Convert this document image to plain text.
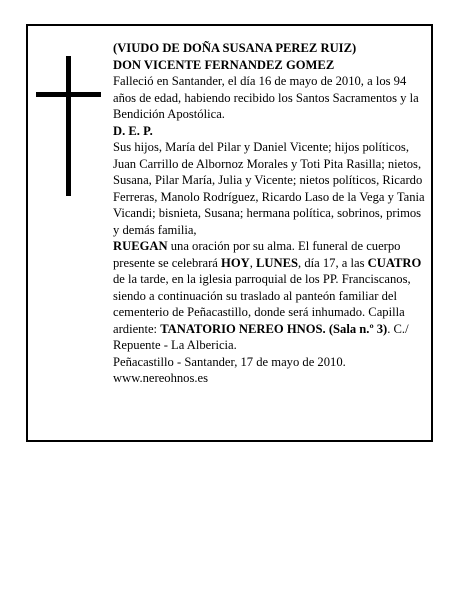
(VIUDO DE DOÑA SUSANA PEREZ RUIZ)

DON VICENTE FERNANDEZ GOMEZ

Falleció en Santander, el día 16 de mayo de 2010, a los 94 años de edad, habiendo recibido los Santos Sacramentos y la Bendición Apostólica.

D. E. P.

Sus hijos, María del Pilar y Daniel Vicente; hijos políticos, Juan Carrillo de Albornoz Morales y Toti Pita Rasilla; nietos, Susana, Pilar María, Julia y Vicente; nietos políticos, Ricardo Ferreras, Manolo Rodríguez, Ricardo Laso de la Vega y Tania Vicandi; bisnieta, Susana; hermana política, sobrinos, primos y demás familia,

RUEGAN una oración por su alma. El funeral de cuerpo presente se celebrará HOY, LUNES, día 17, a las CUATRO de la tarde, en la iglesia parroquial de los PP. Franciscanos, siendo a continuación su traslado al panteón familiar del cementerio de Peñacastillo, donde será inhumado. Capilla ardiente: TANATORIO NEREO HNOS. (Sala n.º 3). C./ Repuente - La Albericia.

Peñacastillo - Santander, 17 de mayo de 2010.

www.nereohnos.es
